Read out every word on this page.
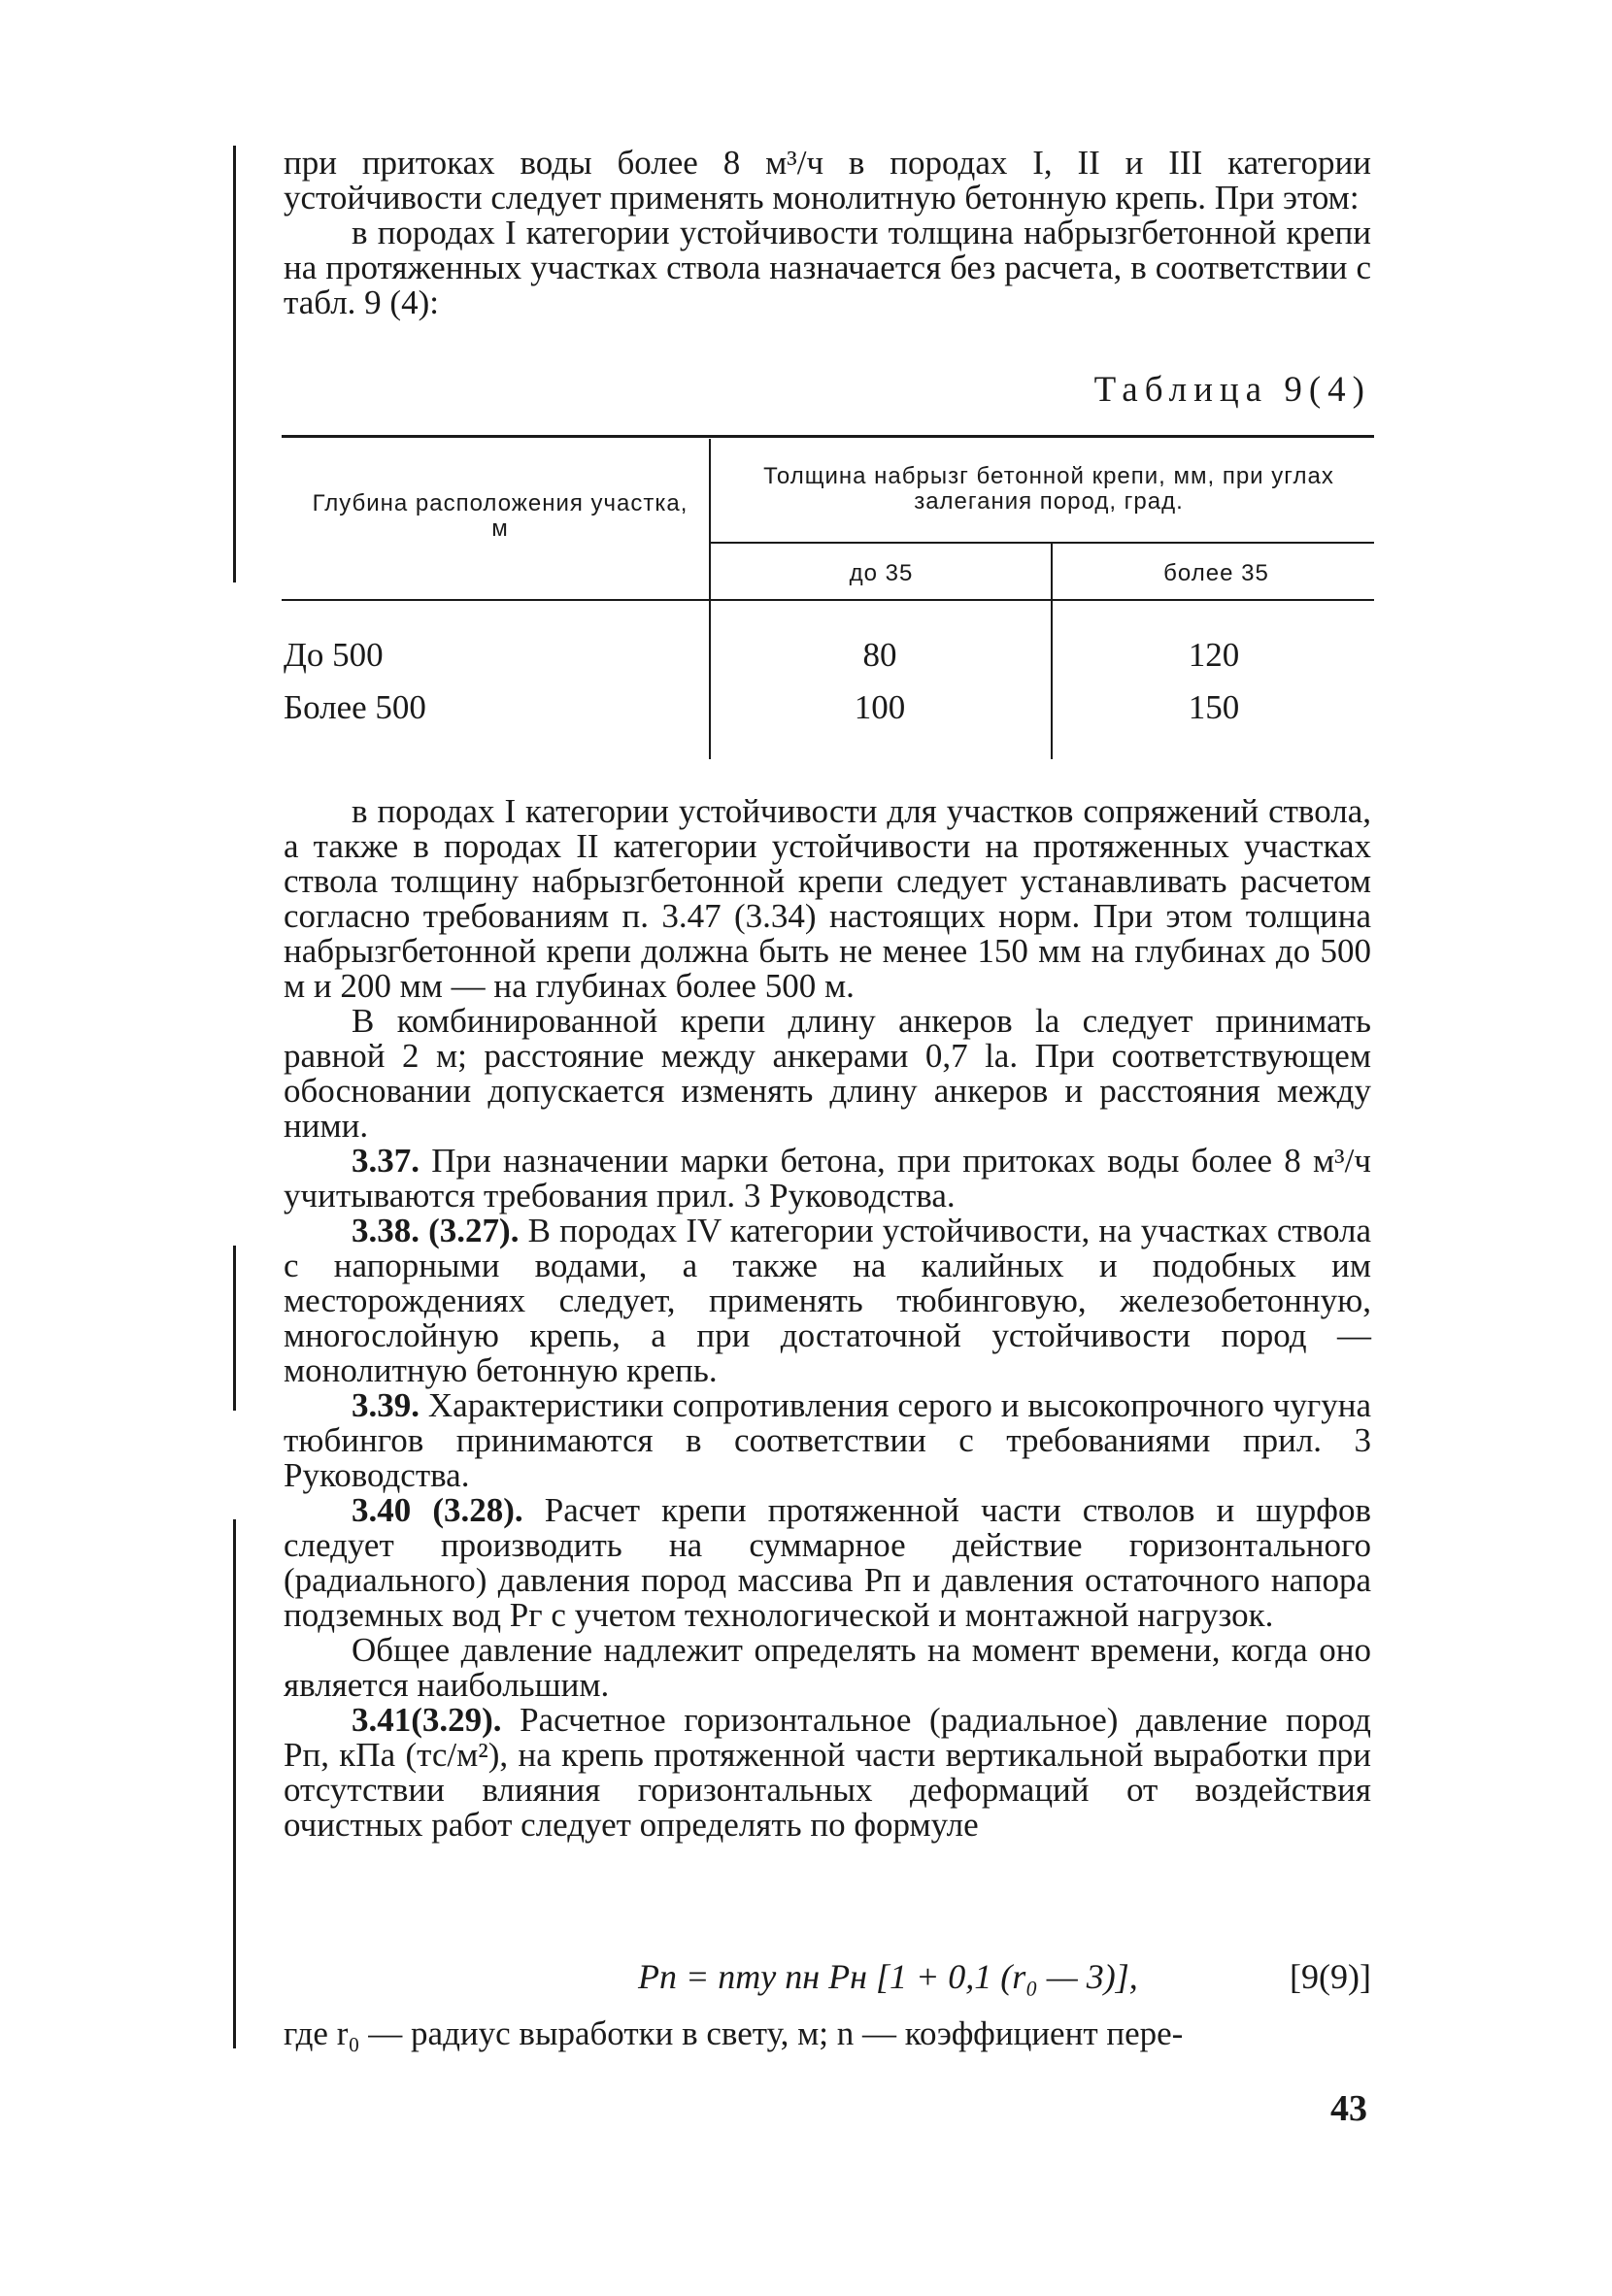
при притоках воды более 8 м³/ч в породах I, II и III категории устойчивости следует применять монолитную бетонную крепь. При этом:

в породах I категории устойчивости толщина набрызгбетонной крепи на протяженных участках ствола назначается без расчета, в соответствии с табл. 9 (4):

Таблица 9(4)
Глубина расположения участка, м
Толщина набрызг бетонной крепи, мм, при углах залегания пород, град.
до 35	более 35
До 500	80	120
Более 500	100	150

в породах I категории устойчивости для участков сопряжений ствола, а также в породах II категории устойчивости на протяженных участках ствола толщину набрызгбетонной крепи следует устанавливать расчетом согласно требованиям п. 3.47 (3.34) настоящих норм. При этом толщина набрызгбетонной крепи должна быть не менее 150 мм на глубинах до 500 м и 200 мм — на глубинах более 500 м.

В комбинированной крепи длину анкеров lа следует принимать равной 2 м; расстояние между анкерами 0,7 lа. При соответствующем обосновании допускается изменять длину анкеров и расстояния между ними.

3.37. При назначении марки бетона, при притоках воды более 8 м³/ч учитываются требования прил. 3 Руководства.

3.38. (3.27). В породах IV категории устойчивости, на участках ствола с напорными водами, а также на калийных и подобных им месторождениях следует, применять тюбинговую, железобетонную, многослойную крепь, а при достаточной устойчивости пород — монолитную бетонную крепь.

3.39. Характеристики сопротивления серого и высокопрочного чугуна тюбингов принимаются в соответствии с требованиями прил. 3 Руководства.

3.40 (3.28). Расчет крепи протяженной части стволов и шурфов следует производить на суммарное действие горизонтального (радиального) давления пород массива Pп и давления остаточного напора подземных вод Pг с учетом технологической и монтажной нагрузок.

Общее давление надлежит определять на момент времени, когда оно является наибольшим.

3.41(3.29). Расчетное горизонтальное (радиальное) давление пород Pп, кПа (тс/м²), на крепь протяженной части вертикальной выработки при отсутствии влияния горизонтальных деформаций от воздействия очистных работ следует определять по формуле

Pп = nmу nн Pн [1 + 0,1 (r₀ — 3)],	[9(9)]

где r₀ — радиус выработки в свету, м; n — коэффициент пере-

43
